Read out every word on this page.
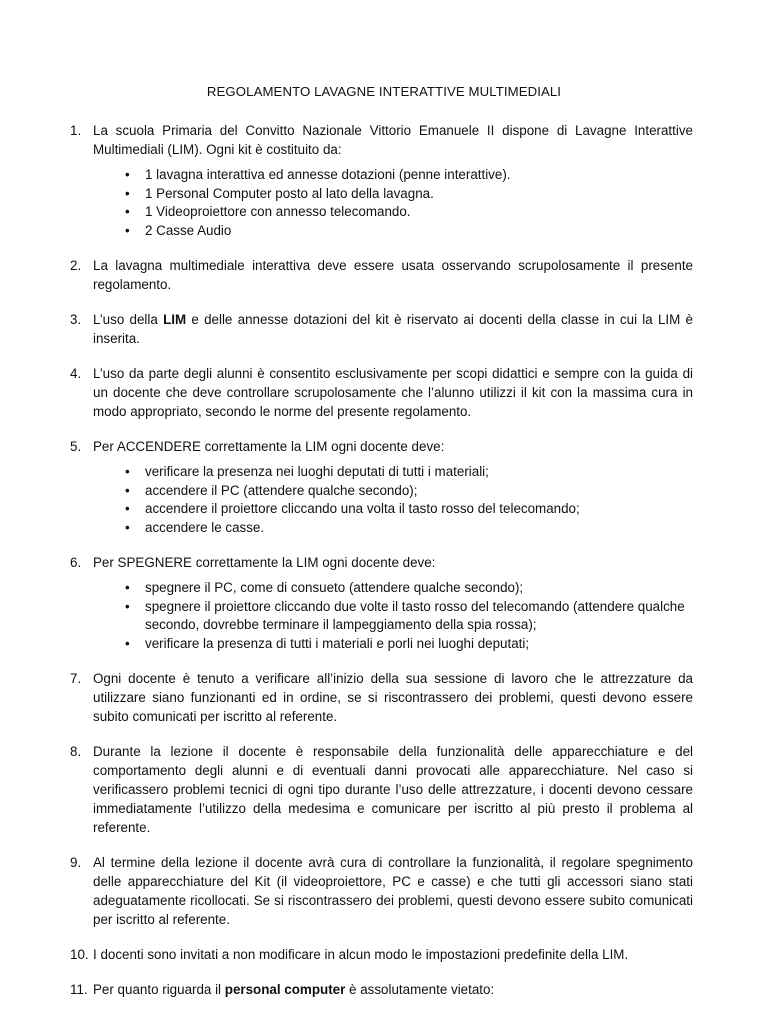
REGOLAMENTO LAVAGNE INTERATTIVE MULTIMEDIALI
1. La scuola Primaria del Convitto Nazionale Vittorio Emanuele II dispone di Lavagne Interattive Multimediali (LIM). Ogni kit è costituito da:
• 1 lavagna interattiva ed annesse dotazioni (penne interattive).
• 1 Personal Computer posto al lato della lavagna.
• 1 Videoproiettore con annesso telecomando.
• 2 Casse Audio
2. La lavagna multimediale interattiva deve essere usata osservando scrupolosamente il presente regolamento.
3. L’uso della LIM e delle annesse dotazioni del kit è riservato ai docenti della classe in cui la LIM è inserita.
4. L’uso da parte degli alunni è consentito esclusivamente per scopi didattici e sempre con la guida di un docente che deve controllare scrupolosamente che l’alunno utilizzi il kit con la massima cura in modo appropriato, secondo le norme del presente regolamento.
5. Per ACCENDERE correttamente la LIM ogni docente deve:
• verificare la presenza nei luoghi deputati di tutti i materiali;
• accendere il PC (attendere qualche secondo);
• accendere il proiettore cliccando una volta il tasto rosso del telecomando;
• accendere le casse.
6. Per SPEGNERE correttamente la LIM ogni docente deve:
• spegnere il PC, come di consueto (attendere qualche secondo);
• spegnere il proiettore cliccando due volte il tasto rosso del telecomando (attendere qualche secondo, dovrebbe terminare il lampeggiamento della spia rossa);
• verificare la presenza di tutti i materiali e porli nei luoghi deputati;
7. Ogni docente è tenuto a verificare all’inizio della sua sessione di lavoro che le attrezzature da utilizzare siano funzionanti ed in ordine, se si riscontrassero dei problemi, questi devono essere subito comunicati per iscritto al referente.
8. Durante la lezione il docente è responsabile della funzionalità delle apparecchiature e del comportamento degli alunni e di eventuali danni provocati alle apparecchiature. Nel caso si verificassero problemi tecnici di ogni tipo durante l’uso delle attrezzature, i docenti devono cessare immediatamente l’utilizzo della medesima e comunicare per iscritto al più presto il problema al referente.
9. Al termine della lezione il docente avrà cura di controllare la funzionalità, il regolare spegnimento delle apparecchiature del Kit (il videoproiettore, PC e casse) e che tutti gli accessori siano stati adeguatamente ricollocati. Se si riscontrassero dei problemi, questi devono essere subito comunicati per iscritto al referente.
10. I docenti sono invitati a non modificare in alcun modo le impostazioni predefinite della LIM.
11. Per quanto riguarda il personal computer è assolutamente vietato:
